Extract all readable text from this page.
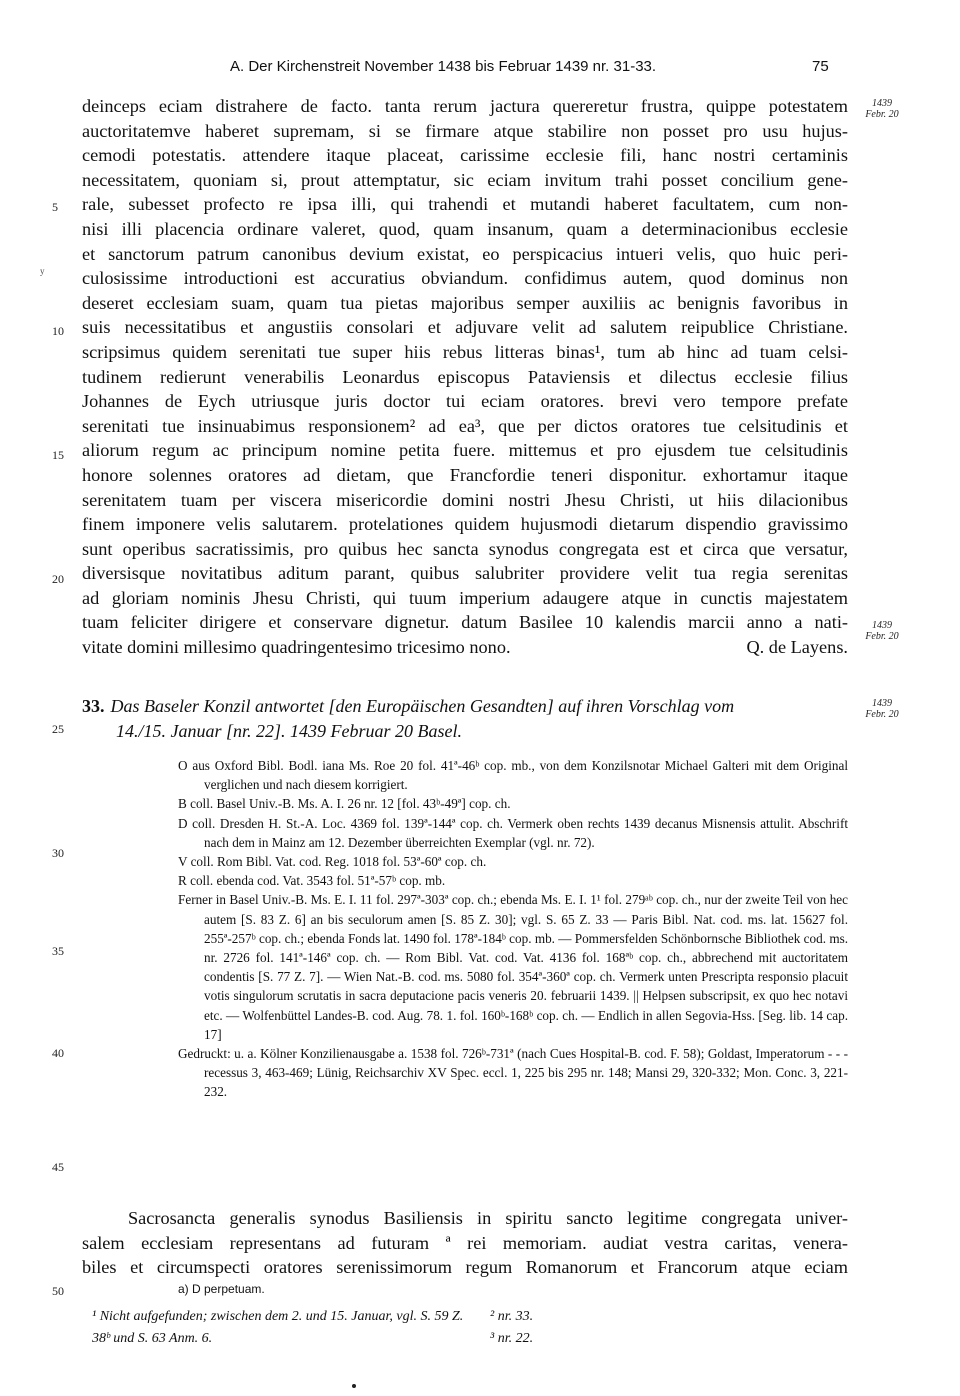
A. Der Kirchenstreit November 1438 bis Februar 1439 nr. 31-33.	75
y
deinceps eciam distrahere de facto. tanta rerum jactura quereretur frustra, quippe potestatem
auctoritatemve haberet supremam, si se firmare atque stabilire non posset pro usu hujus-
cemodi potestatis. attendere itaque placeat, carissime ecclesie fili, hanc nostri certaminis
necessitatem, quoniam si, prout attemptatur, sic eciam invitum trahi posset concilium gene-
rale, subesset profecto re ipsa illi, qui trahendi et mutandi haberet facultatem, cum non-
nisi illi placencia ordinare valeret, quod, quam insanum, quam a determinacionibus ecclesie
et sanctorum patrum canonibus devium existat, eo perspicacius intueri velis, quo huic peri-
culosissime introductioni est accuratius obviandum. confidimus autem, quod dominus non
deseret ecclesiam suam, quam tua pietas majoribus semper auxiliis ac benignis favoribus in
suis necessitatibus et angustiis consolari et adjuvare velit ad salutem reipublice Christiane.
scripsimus quidem serenitati tue super hiis rebus litteras binas¹, tum ab hinc ad tuam celsi-
tudinem redierunt venerabilis Leonardus episcopus Pataviensis et dilectus ecclesie filius
Johannes de Eych utriusque juris doctor tui eciam oratores. brevi vero tempore prefate
serenitati tue insinuabimus responsionem² ad ea³, que per dictos oratores tue celsitudinis et
aliorum regum ac principum nomine petita fuere. mittemus et pro ejusdem tue celsitudinis
honore solennes oratores ad dietam, que Francfordie teneri disponitur. exhortamur itaque
serenitatem tuam per viscera misericordie domini nostri Jhesu Christi, ut hiis dilacionibus
finem imponere velis salutarem. protelationes quidem hujusmodi dietarum dispendio gravissimo
sunt operibus sacratissimis, pro quibus hec sancta synodus congregata est et circa que versatur,
diversisque novitatibus aditum parant, quibus salubriter providere velit tua regia serenitas
ad gloriam nominis Jhesu Christi, qui tuum imperium adaugere atque in cunctis majestatem
tuam feliciter dirigere et conservare dignetur. datum Basilee 10 kalendis marcii anno a nati-
vitate domini millesimo quadringentesimo tricesimo nono.	Q. de Layens.
5
10
15
20
25
30
35
40
45
50
1439
Febr. 20
1439
Febr. 20
1439
Febr. 20
33. Das Baseler Konzil antwortet [den Europäischen Gesandten] auf ihren Vorschlag vom
14./15. Januar [nr. 22]. 1439 Februar 20 Basel.

O aus Oxford Bibl. Bodl. iana Ms. Roe 20 fol. 41ª-46ᵇ cop. mb., von dem Konzilsnotar Michael Galteri mit dem Original verglichen und nach diesem korrigiert.

B coll. Basel Univ.-B. Ms. A. I. 26 nr. 12 [fol. 43ᵇ-49ª] cop. ch.

D coll. Dresden H. St.-A. Loc. 4369 fol. 139ª-144ª cop. ch. Vermerk oben rechts 1439 decanus Misnensis attulit. Abschrift nach dem in Mainz am 12. Dezember überreichten Exemplar (vgl. nr. 72).

V coll. Rom Bibl. Vat. cod. Reg. 1018 fol. 53ª-60ª cop. ch.

R coll. ebenda cod. Vat. 3543 fol. 51ª-57ᵇ cop. mb.

Ferner in Basel Univ.-B. Ms. E. I. 11 fol. 297ª-303ª cop. ch.; ebenda Ms. E. I. 1¹ fol. 279ᵃᵇ cop. ch., nur der zweite Teil von hec autem [S. 83 Z. 6] an bis seculorum amen [S. 85 Z. 30]; vgl. S. 65 Z. 33 — Paris Bibl. Nat. cod. ms. lat. 15627 fol. 255ª-257ᵇ cop. ch.; ebenda Fonds lat. 1490 fol. 178ª-184ᵇ cop. mb. — Pommersfelden Schönbornsche Bibliothek cod. ms. nr. 2726 fol. 141ª-146ª cop. ch. — Rom Bibl. Vat. cod. Vat. 4136 fol. 168ªᵇ cop. ch., abbrechend mit auctoritatem condentis [S. 77 Z. 7]. — Wien Nat.-B. cod. ms. 5080 fol. 354ª-360ª cop. ch. Vermerk unten Prescripta responsio placuit votis singulorum scrutatis in sacra deputacione pacis veneris 20. februarii 1439. || Helpsen subscripsit, ex quo hec notavi etc. — Wolfenbüttel Landes-B. cod. Aug. 78. 1. fol. 160ᵇ-168ᵇ cop. ch. — Endlich in allen Segovia-Hss. [Seg. lib. 14 cap. 17]

Gedruckt: u. a. Kölner Konzilienausgabe a. 1538 fol. 726ᵇ-731ª (nach Cues Hospital-B. cod. F. 58); Goldast, Imperatorum - - - recessus 3, 463-469; Lünig, Reichsarchiv XV Spec. eccl. 1, 225 bis 295 nr. 148; Mansi 29, 320-332; Mon. Conc. 3, 221-232.

Sacrosancta generalis synodus Basiliensis in spiritu sancto legitime congregata univer-
salem ecclesiam representans ad futuram ª rei memoriam. audiat vestra caritas, venera-
biles et circumspecti oratores serenissimorum regum Romanorum et Francorum atque eciam
a) D perpetuam.
¹ Nicht aufgefunden; zwischen dem 2. und 15. Januar, vgl. S. 59 Z. 38ᵇ und S. 63 Anm. 6.
² nr. 33.
³ nr. 22.
